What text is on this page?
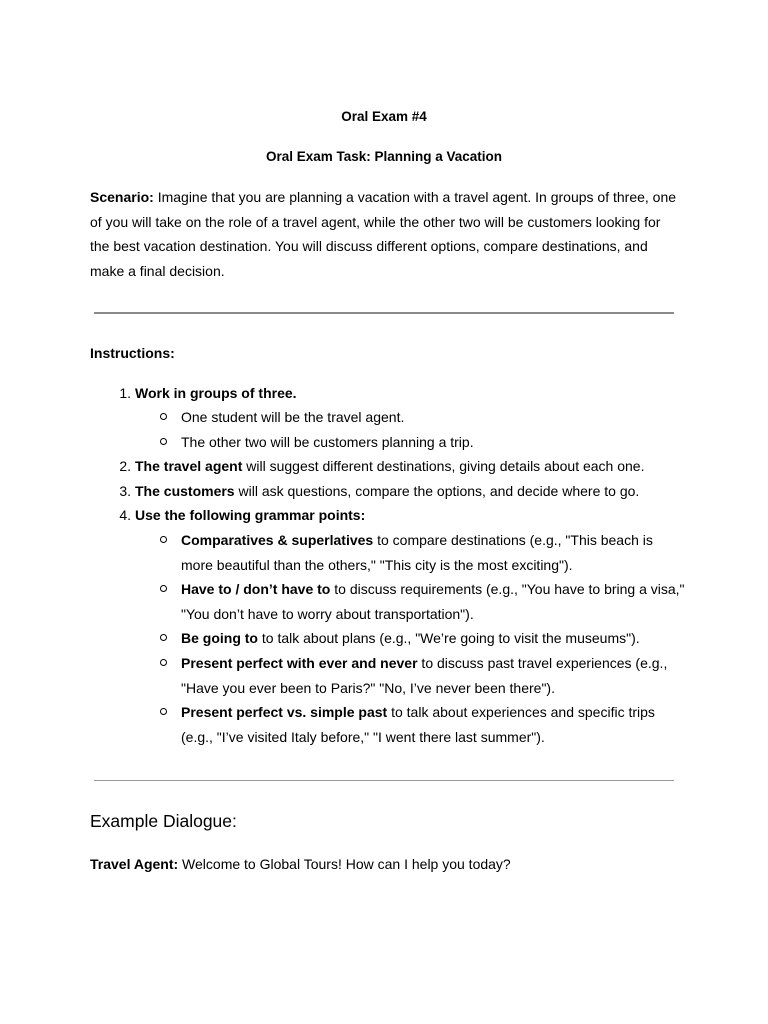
Oral Exam #4
Oral Exam Task: Planning a Vacation
Scenario: Imagine that you are planning a vacation with a travel agent. In groups of three, one of you will take on the role of a travel agent, while the other two will be customers looking for the best vacation destination. You will discuss different options, compare destinations, and make a final decision.
Instructions:
1. Work in groups of three.
One student will be the travel agent.
The other two will be customers planning a trip.
2. The travel agent will suggest different destinations, giving details about each one.
3. The customers will ask questions, compare the options, and decide where to go.
4. Use the following grammar points:
Comparatives & superlatives to compare destinations (e.g., "This beach is more beautiful than the others," "This city is the most exciting").
Have to / don’t have to to discuss requirements (e.g., "You have to bring a visa," "You don’t have to worry about transportation").
Be going to to talk about plans (e.g., "We’re going to visit the museums").
Present perfect with ever and never to discuss past travel experiences (e.g., "Have you ever been to Paris?" "No, I’ve never been there").
Present perfect vs. simple past to talk about experiences and specific trips (e.g., "I’ve visited Italy before," "I went there last summer").
Example Dialogue:
Travel Agent: Welcome to Global Tours! How can I help you today?
